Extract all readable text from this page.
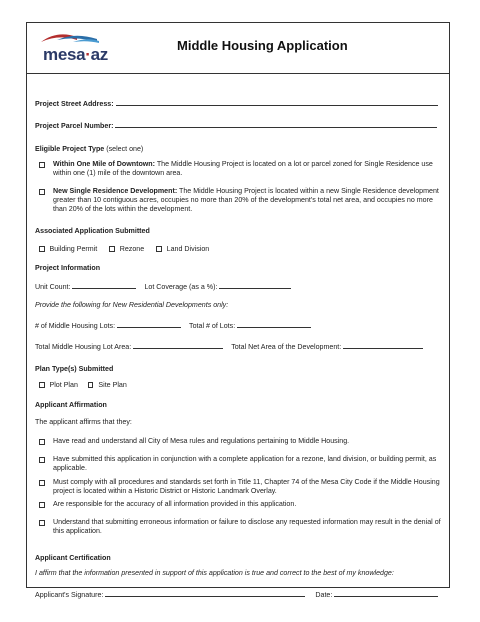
mesa·az	Middle Housing Application
Project Street Address:
Project Parcel Number:
Eligible Project Type (select one)
Within One Mile of Downtown: The Middle Housing Project is located on a lot or parcel zoned for Single Residence use within one (1) mile of the downtown area.
New Single Residence Development: The Middle Housing Project is located within a new Single Residence development greater than 10 contiguous acres, occupies no more than 20% of the development's total net area, and occupies no more than 20% of the lots within the development.
Associated Application Submitted
Building Permit	Rezone	Land Division
Project Information
Unit Count:	Lot Coverage (as a %):
Provide the following for New Residential Developments only:
# of Middle Housing Lots:	Total # of Lots:
Total Middle Housing Lot Area:	Total Net Area of the Development:
Plan Type(s) Submitted
Plot Plan	Site Plan
Applicant Affirmation
The applicant affirms that they:
Have read and understand all City of Mesa rules and regulations pertaining to Middle Housing.
Have submitted this application in conjunction with a complete application for a rezone, land division, or building permit, as applicable.
Must comply with all procedures and standards set forth in Title 11, Chapter 74 of the Mesa City Code if the Middle Housing project is located within a Historic District or Historic Landmark Overlay.
Are responsible for the accuracy of all information provided in this application.
Understand that submitting erroneous information or failure to disclose any requested information may result in the denial of this application.
Applicant Certification
I affirm that the information presented in support of this application is true and correct to the best of my knowledge:
Applicant's Signature:	Date:
